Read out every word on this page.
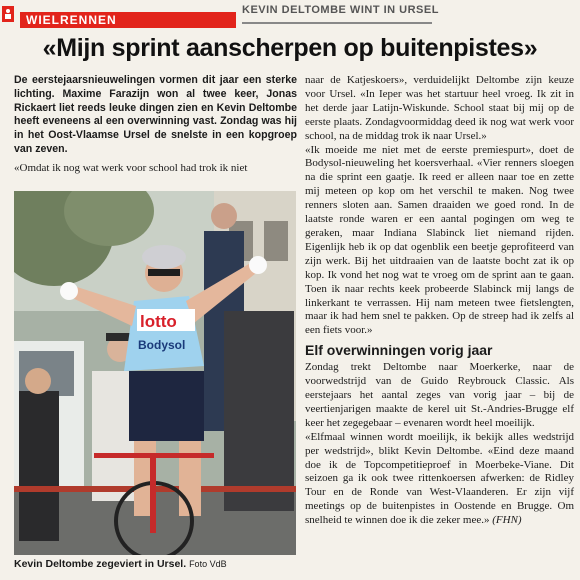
WIELRENNEN
KEVIN DELTOMBE WINT IN URSEL
«Mijn sprint aanscherpen op buitenpistes»

De eerstejaarsnieuwelingen vormen dit jaar een sterke lichting. Maxime Farazijn won al twee keer, Jonas Rickaert liet reeds leuke dingen zien en Kevin Deltombe heeft eveneens al een overwinning vast. Zondag was hij in het Oost-Vlaamse Ursel de snelste in een kopgroep van zeven.

«Omdat ik nog wat werk voor school had trok ik niet

lotto
Bodysol
Kevin Deltombe zegeviert in Ursel. Foto VdB

naar de Katjeskoers», verduidelijkt Deltombe zijn keuze voor Ursel. «In Ieper was het startuur heel vroeg. Ik zit in het derde jaar Latijn-Wiskunde. School staat bij mij op de eerste plaats. Zondagvoormiddag deed ik nog wat werk voor school, na de middag trok ik naar Ursel.»

«Ik moeide me niet met de eerste premiespurt», doet de Bodysol-nieuweling het koersverhaal. «Vier renners sloegen na die sprint een gaatje. Ik reed er alleen naar toe en zette mij meteen op kop om het verschil te maken. Nog twee renners sloten aan. Samen draaiden we goed rond. In de laatste ronde waren er een aantal pogingen om weg te geraken, maar Indiana Slabinck liet niemand rijden. Eigenlijk heb ik op dat ogenblik een beetje geprofiteerd van zijn werk. Bij het uitdraaien van de laatste bocht zat ik op kop. Ik vond het nog wat te vroeg om de sprint aan te gaan. Toen ik naar rechts keek probeerde Slabinck mij langs de linkerkant te verrassen. Hij nam meteen twee fietslengten, maar ik had hem snel te pakken. Op de streep had ik zelfs al een fiets voor.»

Elf overwinningen vorig jaar

Zondag trekt Deltombe naar Moerkerke, naar de voorwedstrijd van de Guido Reybrouck Classic. Als eerstejaars het aantal zeges van vorig jaar – bij de veertienjarigen maakte de kerel uit St.-Andries-Brugge elf keer het zegegebaar – evenaren wordt heel moeilijk.

«Elfmaal winnen wordt moeilijk, ik bekijk alles wedstrijd per wedstrijd», blikt Kevin Deltombe. «Eind deze maand doe ik de Topcompetitieproef in Moerbeke-Viane. Dit seizoen ga ik ook twee rittenkoersen afwerken: de Ridley Tour en de Ronde van West-Vlaanderen. Er zijn vijf meetings op de buitenpistes in Oostende en Brugge. Om snelheid te winnen doe ik die zeker mee.» (FHN)
